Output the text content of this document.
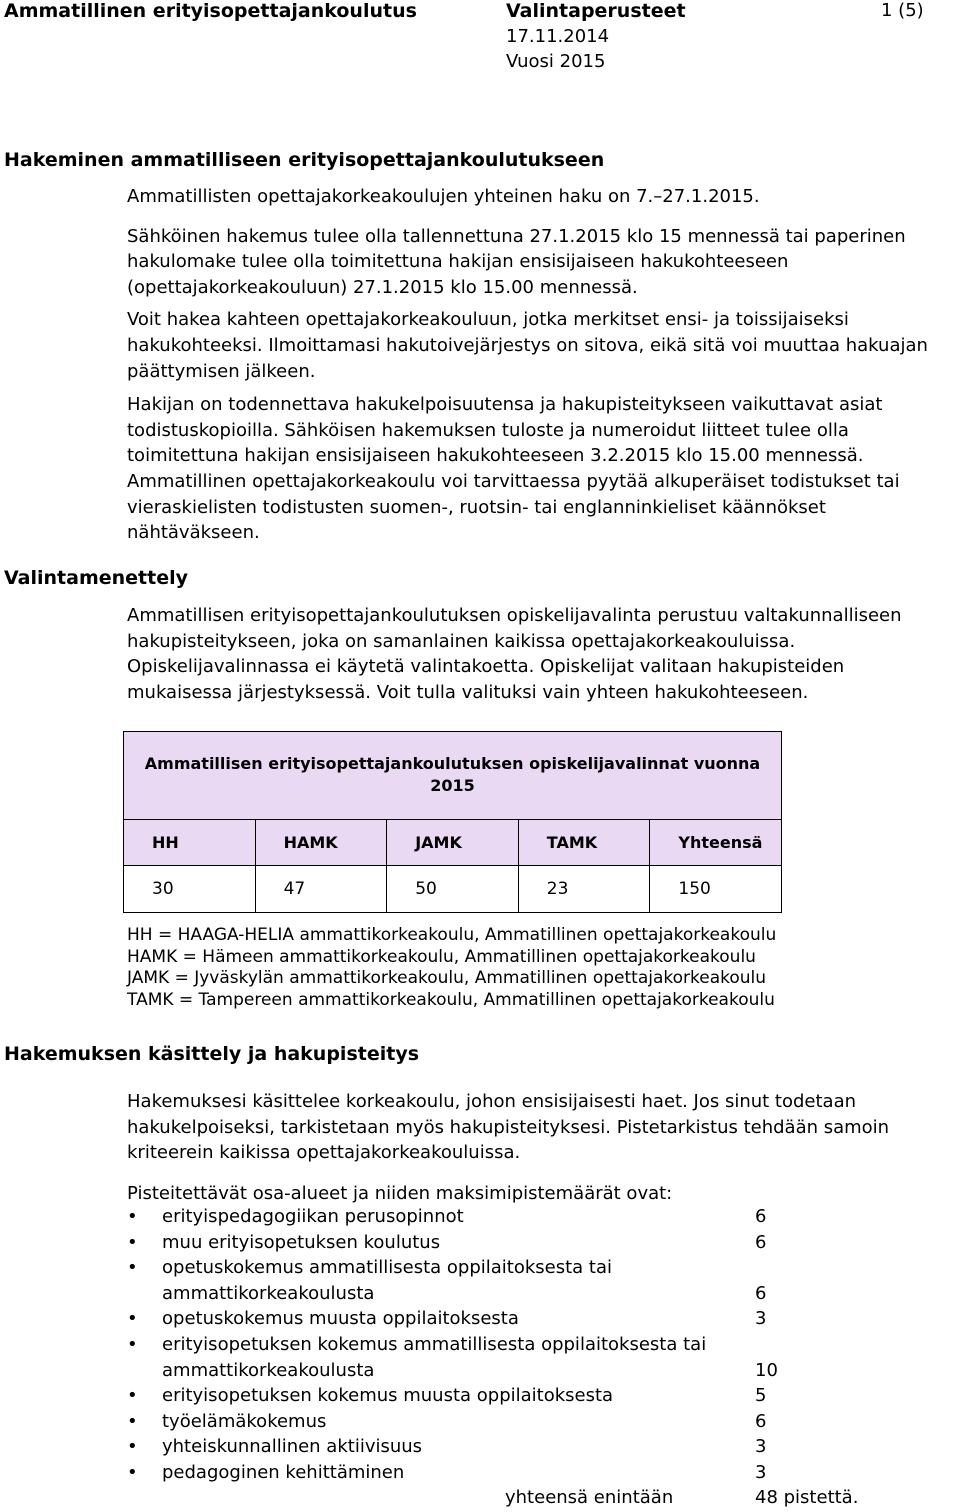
Ammatillinen erityisopettajankoulutus	Valintaperusteet
17.11.2014
Vuosi 2015
1 (5)
Hakeminen ammatilliseen erityisopettajankoulutukseen

Ammatillisten opettajakorkeakoulujen yhteinen haku on 7.–27.1.2015.

Sähköinen hakemus tulee olla tallennettuna 27.1.2015 klo 15 mennessä tai paperinen hakulomake tulee olla toimitettuna hakijan ensisijaiseen hakukohteeseen (opettajakorkeakouluun) 27.1.2015 klo 15.00 mennessä.

Voit hakea kahteen opettajakorkeakouluun, jotka merkitset ensi- ja toissijaiseksi hakukohteeksi. Ilmoittamasi hakutoivejärjestys on sitova, eikä sitä voi muuttaa hakuajan päättymisen jälkeen.

Hakijan on todennettava hakukelpoisuutensa ja hakupisteitykseen vaikuttavat asiat todistuskopioilla. Sähköisen hakemuksen tuloste ja numeroidut liitteet tulee olla toimitettuna hakijan ensisijaiseen hakukohteeseen 3.2.2015 klo 15.00 mennessä. Ammatillinen opettajakorkeakoulu voi tarvittaessa pyytää alkuperäiset todistukset tai vieraskielisten todistusten suomen-, ruotsin- tai englanninkieliset käännökset nähtäväkseen.

Valintamenettely
Ammatillisen erityisopettajankoulutuksen opiskelijavalinta perustuu valtakunnalliseen hakupisteitykseen, joka on samanlainen kaikissa opettajakorkeakouluissa. Opiskelijavalinnassa ei käytetä valintakoetta. Opiskelijat valitaan hakupisteiden mukaisessa järjestyksessä. Voit tulla valituksi vain yhteen hakukohteeseen.
Ammatillisen erityisopettajankoulutuksen opiskelijavalinnat vuonna 2015
HH	HAMK	JAMK	TAMK	Yhteensä
30	47	50	23	150
HH = HAAGA-HELIA ammattikorkeakoulu, Ammatillinen opettajakorkeakoulu
HAMK = Hämeen ammattikorkeakoulu, Ammatillinen opettajakorkeakoulu
JAMK = Jyväskylän ammattikorkeakoulu, Ammatillinen opettajakorkeakoulu
TAMK = Tampereen ammattikorkeakoulu, Ammatillinen opettajakorkeakoulu
Hakemuksen käsittely ja hakupisteitys
Hakemuksesi käsittelee korkeakoulu, johon ensisijaisesti haet. Jos sinut todetaan hakukelpoiseksi, tarkistetaan myös hakupisteityksesi. Pistetarkistus tehdään samoin kriteerein kaikissa opettajakorkeakouluissa.
Pisteitettävät osa-alueet ja niiden maksimipistemäärät ovat:
• erityispedagogiikan perusopinnot	6
• muu erityisopetuksen koulutus	6
• opetuskokemus ammatillisesta oppilaitoksesta tai ammattikorkeakoulusta	6
• opetuskokemus muusta oppilaitoksesta	3
• erityisopetuksen kokemus ammatillisesta oppilaitoksesta tai ammattikorkeakoulusta	10
• erityisopetuksen kokemus muusta oppilaitoksesta	5
• työelämäkokemus	6
• yhteiskunnallinen aktiivisuus	3
• pedagoginen kehittäminen	3
yhteensä enintään	48 pistettä.
